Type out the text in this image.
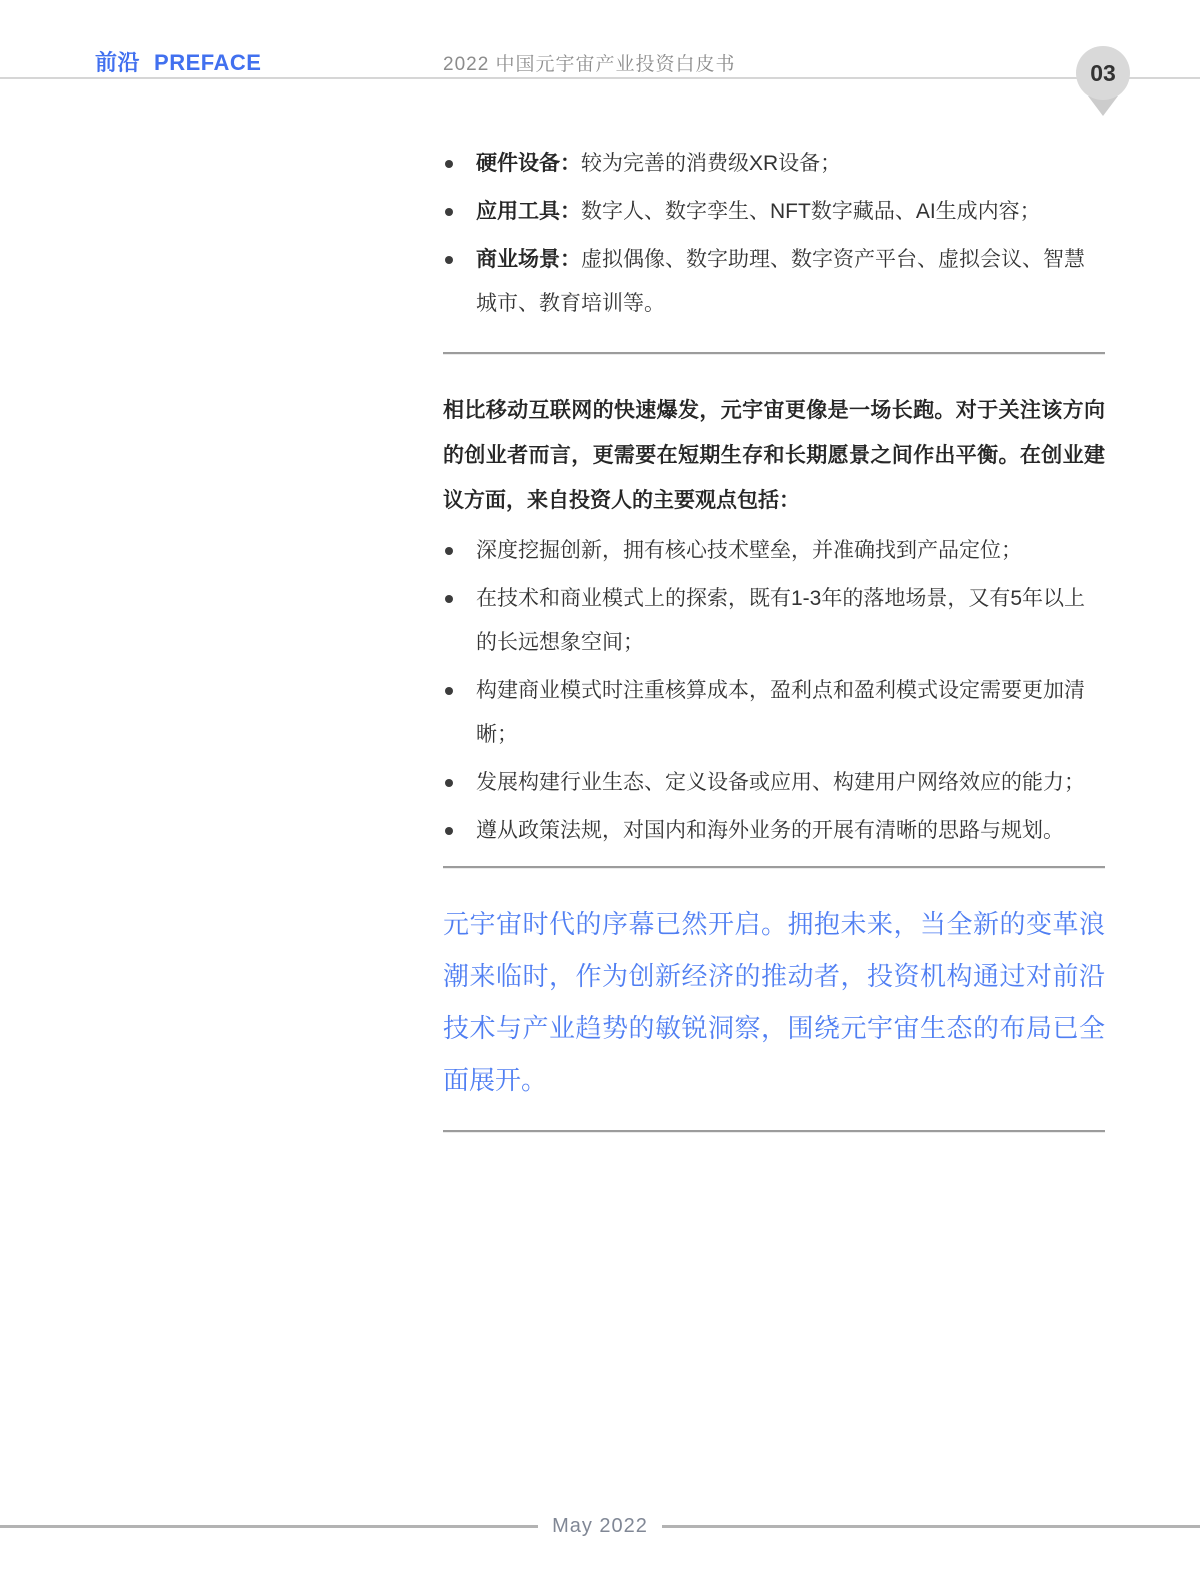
前沿 PREFACE	2022 中国元宇宙产业投资白皮书	03
硬件设备：较为完善的消费级XR设备；
应用工具：数字人、数字孪生、NFT数字藏品、AI生成内容；
商业场景：虚拟偶像、数字助理、数字资产平台、虚拟会议、智慧城市、教育培训等。

相比移动互联网的快速爆发，元宇宙更像是一场长跑。对于关注该方向的创业者而言，更需要在短期生存和长期愿景之间作出平衡。在创业建议方面，来自投资人的主要观点包括：

深度挖掘创新，拥有核心技术壁垒，并准确找到产品定位；
在技术和商业模式上的探索，既有1-3年的落地场景，又有5年以上的长远想象空间；
构建商业模式时注重核算成本，盈利点和盈利模式设定需要更加清晰；
发展构建行业生态、定义设备或应用、构建用户网络效应的能力；
遵从政策法规，对国内和海外业务的开展有清晰的思路与规划。

元宇宙时代的序幕已然开启。拥抱未来，当全新的变革浪潮来临时，作为创新经济的推动者，投资机构通过对前沿技术与产业趋势的敏锐洞察，围绕元宇宙生态的布局已全面展开。

May 2022
